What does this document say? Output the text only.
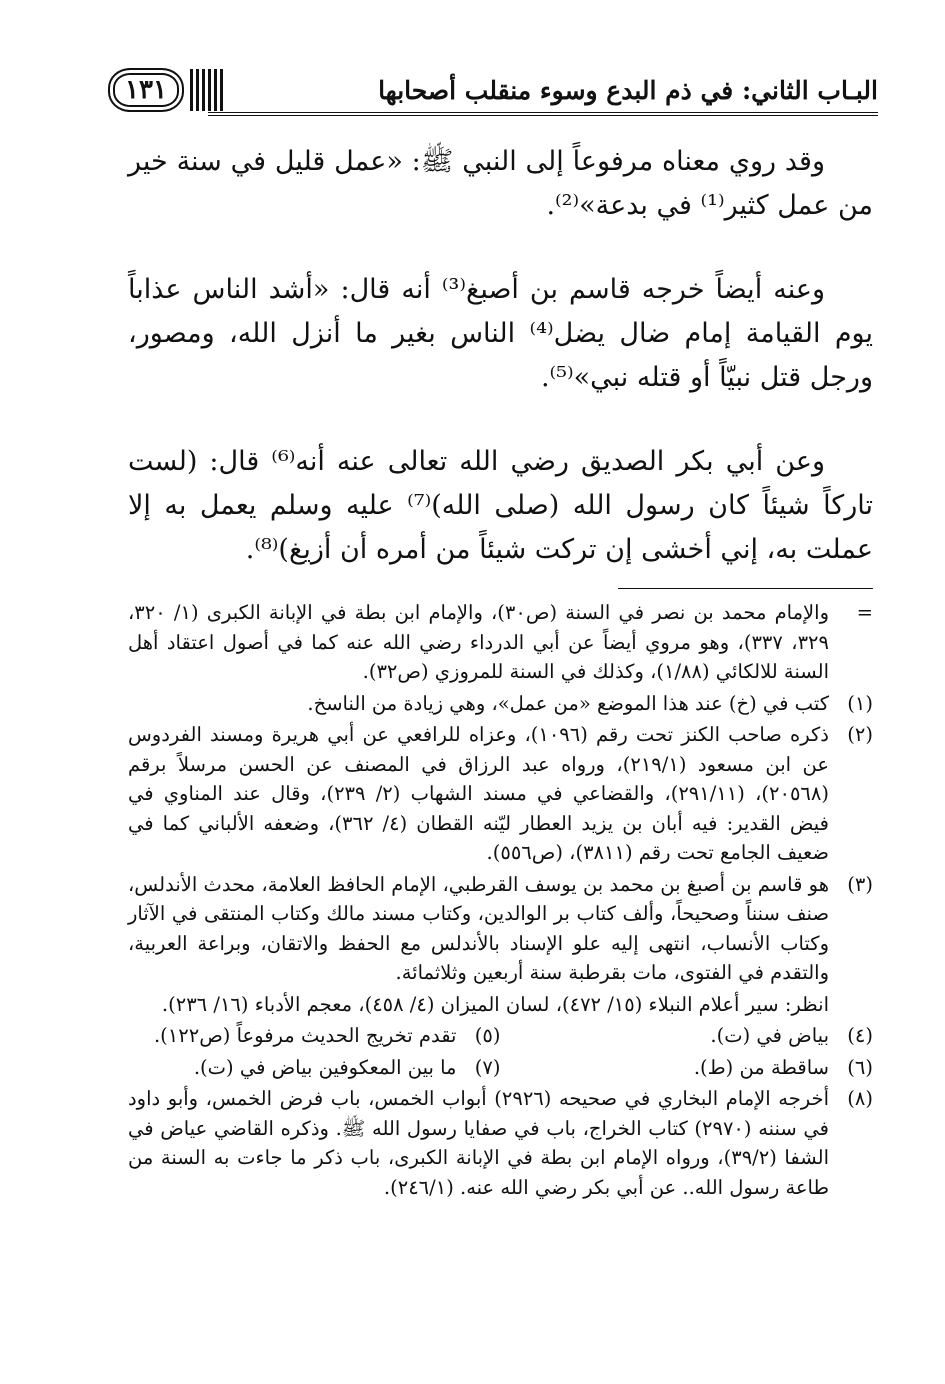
البـاب الثاني: في ذم البدع وسوء منقلب أصحابها
١٣١

وقد روي معناه مرفوعاً إلى النبي ﷺ: «عمل قليل في سنة خير من عمل كثير⁽¹⁾ في بدعة»⁽²⁾.

وعنه أيضاً خرجه قاسم بن أصبغ⁽³⁾ أنه قال: «أشد الناس عذاباً يوم القيامة إمام ضال يضل⁽⁴⁾ الناس بغير ما أنزل الله، ومصور، ورجل قتل نبيّاً أو قتله نبي»⁽⁵⁾.

وعن أبي بكر الصديق رضي الله تعالى عنه أنه⁽⁶⁾ قال: (لست تاركاً شيئاً كان رسول الله (صلى الله)⁽⁷⁾ عليه وسلم يعمل به إلا عملت به، إني أخشى إن تركت شيئاً من أمره أن أزيغ)⁽⁸⁾.

=
والإمام محمد بن نصر في السنة (ص٣٠)، والإمام ابن بطة في الإبانة الكبرى (١/ ٣٢٠، ٣٢٩، ٣٣٧)، وهو مروي أيضاً عن أبي الدرداء رضي الله عنه كما في أصول اعتقاد أهل السنة للالكائي (١/٨٨)، وكذلك في السنة للمروزي (ص٣٢).
(١)
كتب في (خ) عند هذا الموضع «من عمل»، وهي زيادة من الناسخ.
(٢)
ذكره صاحب الكنز تحت رقم (١٠٩٦)، وعزاه للرافعي عن أبي هريرة ومسند الفردوس عن ابن مسعود (٢١٩/١)، ورواه عبد الرزاق في المصنف عن الحسن مرسلاً برقم (٢٠٥٦٨)، (٢٩١/١١)، والقضاعي في مسند الشهاب (٢/ ٢٣٩)، وقال عند المناوي في فيض القدير: فيه أبان بن يزيد العطار ليّنه القطان (٤/ ٣٦٢)، وضعفه الألباني كما في ضعيف الجامع تحت رقم (٣٨١١)، (ص٥٥٦).
(٣)
هو قاسم بن أصبغ بن محمد بن يوسف القرطبي، الإمام الحافظ العلامة، محدث الأندلس، صنف سنناً وصحيحاً، وألف كتاب بر الوالدين، وكتاب مسند مالك وكتاب المنتقى في الآثار وكتاب الأنساب، انتهى إليه علو الإسناد بالأندلس مع الحفظ والاتقان، وبراعة العربية، والتقدم في الفتوى، مات بقرطبة سنة أربعين وثلاثمائة.
انظر: سير أعلام النبلاء (١٥/ ٤٧٢)، لسان الميزان (٤/ ٤٥٨)، معجم الأدباء (١٦/ ٢٣٦).
(٤)
بياض في (ت).
(٥)
تقدم تخريج الحديث مرفوعاً (ص١٢٢).
(٦)
ساقطة من (ط).
(٧)
ما بين المعكوفين بياض في (ت).
(٨)
أخرجه الإمام البخاري في صحيحه (٢٩٢٦) أبواب الخمس، باب فرض الخمس، وأبو داود في سننه (٢٩٧٠) كتاب الخراج، باب في صفايا رسول الله ﷺ. وذكره القاضي عياض في الشفا (٣٩/٢)، ورواه الإمام ابن بطة في الإبانة الكبرى، باب ذكر ما جاءت به السنة من طاعة رسول الله.. عن أبي بكر رضي الله عنه. (٢٤٦/١).
